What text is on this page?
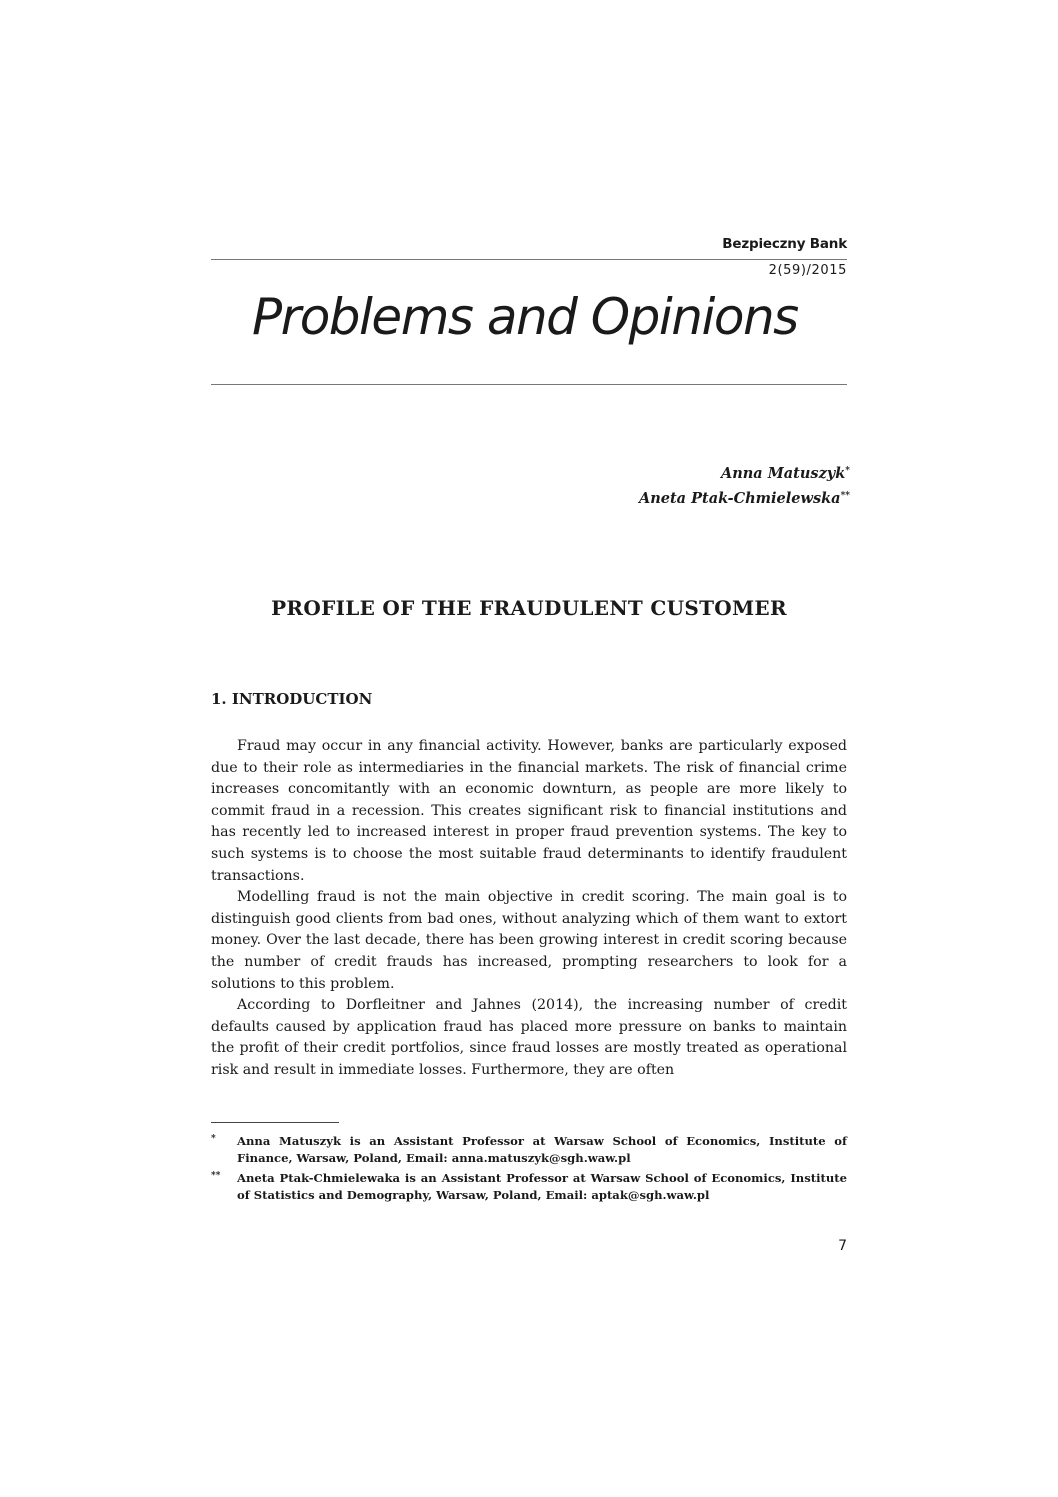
Bezpieczny Bank
2(59)/2015
Problems and Opinions
Anna Matuszyk*
Aneta Ptak-Chmielewska**
PROFILE OF THE FRAUDULENT CUSTOMER
1. INTRODUCTION

Fraud may occur in any financial activity. However, banks are particularly exposed due to their role as intermediaries in the financial markets. The risk of financial crime increases concomitantly with an economic downturn, as people are more likely to commit fraud in a recession. This creates significant risk to financial institutions and has recently led to increased interest in proper fraud prevention systems. The key to such systems is to choose the most suitable fraud determinants to identify fraudulent transactions.

Modelling fraud is not the main objective in credit scoring. The main goal is to distinguish good clients from bad ones, without analyzing which of them want to extort money. Over the last decade, there has been growing interest in credit scoring because the number of credit frauds has increased, prompting researchers to look for a solutions to this problem.

According to Dorfleitner and Jahnes (2014), the increasing number of credit defaults caused by application fraud has placed more pressure on banks to maintain the profit of their credit portfolios, since fraud losses are mostly treated as operational risk and result in immediate losses. Furthermore, they are often

*	Anna Matuszyk is an Assistant Professor at Warsaw School of Economics, Institute of Finance, Warsaw, Poland, Email: anna.matuszyk@sgh.waw.pl
**	Aneta Ptak-Chmielewaka is an Assistant Professor at Warsaw School of Economics, Institute of Statistics and Demography, Warsaw, Poland, Email: aptak@sgh.waw.pl
7
